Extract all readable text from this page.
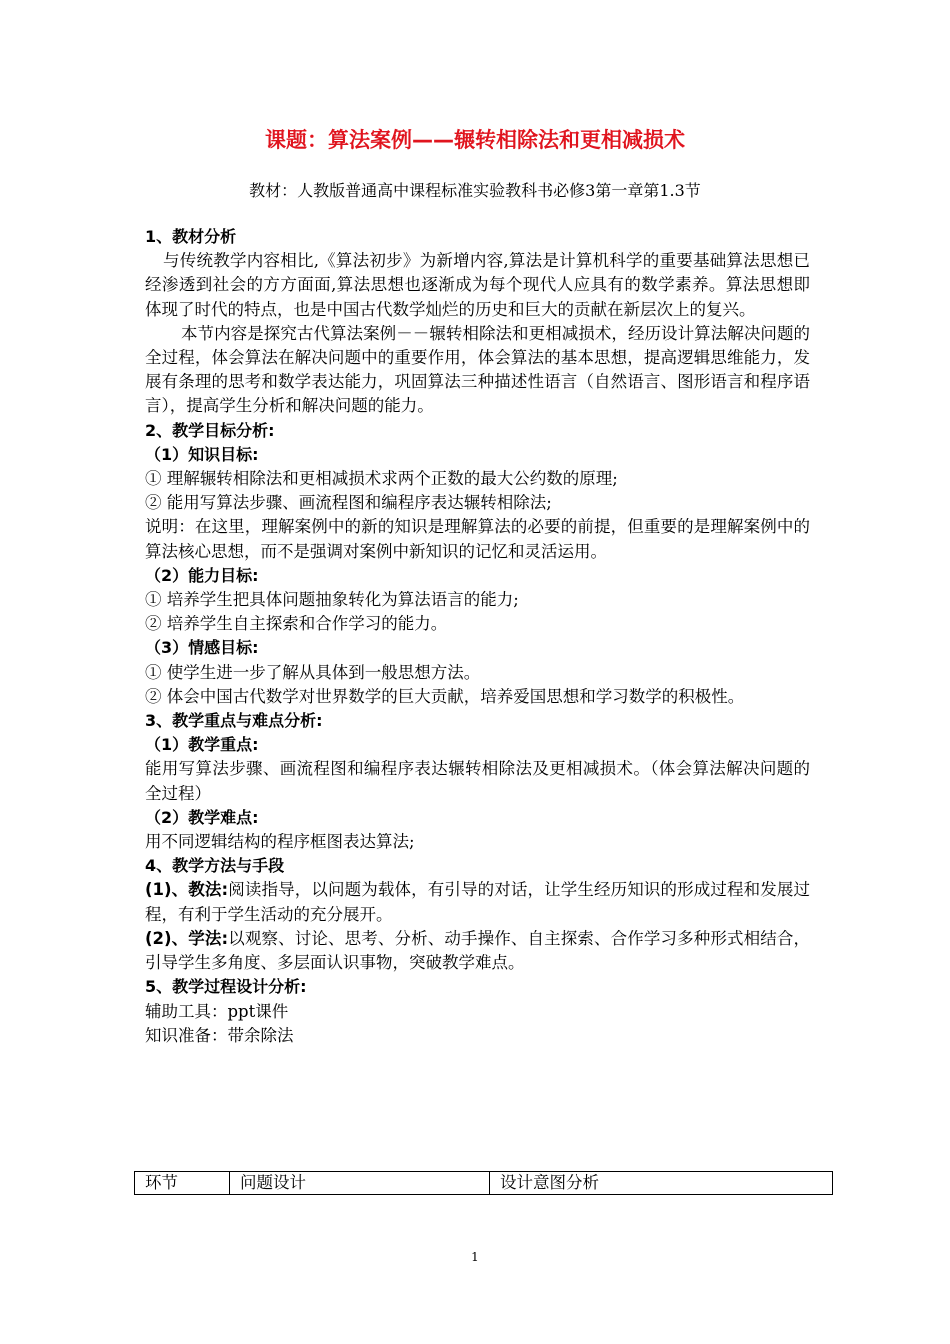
课题：算法案例——辗转相除法和更相减损术
教材：人教版普通高中课程标准实验教科书必修3第一章第1.3节

1、教材分析

与传统教学内容相比,《算法初步》为新增内容,算法是计算机科学的重要基础算法思想已经渗透到社会的方方面面,算法思想也逐渐成为每个现代人应具有的数学素养。算法思想即体现了时代的特点，也是中国古代数学灿烂的历史和巨大的贡献在新层次上的复兴。

本节内容是探究古代算法案例－－辗转相除法和更相减损术，经历设计算法解决问题的全过程，体会算法在解决问题中的重要作用，体会算法的基本思想，提高逻辑思维能力，发展有条理的思考和数学表达能力，巩固算法三种描述性语言（自然语言、图形语言和程序语言），提高学生分析和解决问题的能力。

2、教学目标分析:

（1）知识目标:

① 理解辗转相除法和更相减损术求两个正数的最大公约数的原理;

② 能用写算法步骤、画流程图和编程序表达辗转相除法;

说明：在这里，理解案例中的新的知识是理解算法的必要的前提，但重要的是理解案例中的算法核心思想，而不是强调对案例中新知识的记忆和灵活运用。

（2）能力目标:

① 培养学生把具体问题抽象转化为算法语言的能力;

② 培养学生自主探索和合作学习的能力。

（3）情感目标:

① 使学生进一步了解从具体到一般思想方法。

② 体会中国古代数学对世界数学的巨大贡献，培养爱国思想和学习数学的积极性。

3、教学重点与难点分析:

（1）教学重点:

能用写算法步骤、画流程图和编程序表达辗转相除法及更相减损术。（体会算法解决问题的全过程）

（2）教学难点:

用不同逻辑结构的程序框图表达算法;

4、教学方法与手段

(1)、教法:阅读指导，以问题为载体，有引导的对话，让学生经历知识的形成过程和发展过程，有利于学生活动的充分展开。

(2)、学法:以观察、讨论、思考、分析、动手操作、自主探索、合作学习多种形式相结合，引导学生多角度、多层面认识事物，突破教学难点。

5、教学过程设计分析:

辅助工具：ppt课件

知识准备：带余除法

环节	问题设计	设计意图分析
1
